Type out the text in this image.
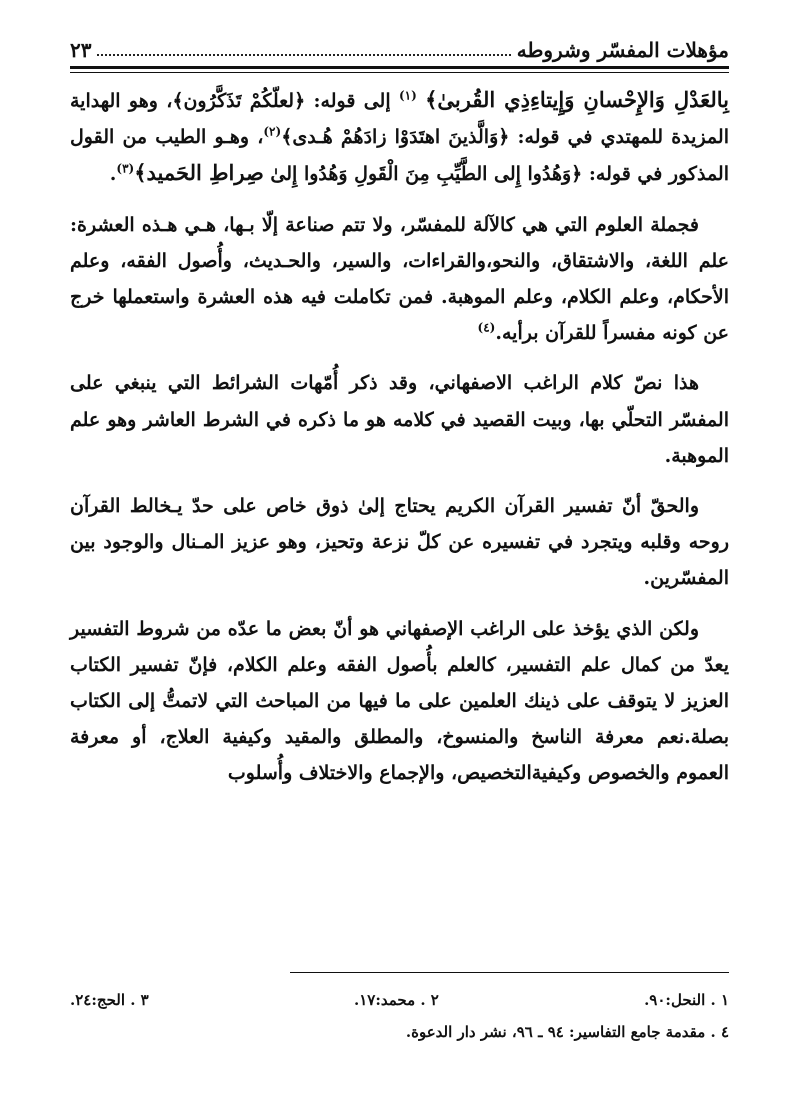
مؤهلات المفسّر وشروطه
٢٣

بِالعَدْلِ وَالإِحْسانِ وَإِيتاءِذِي القُربىٰ﴾ $^{(١)}$ إلى قوله: ﴿لعلّكُمْ تَذَكَّرُون﴾، وهو الهداية المزيدة للمهتدي في قوله: ﴿وَالَّذينَ اهتَدَوْا زادَهُمْ هُـدى﴾$^{(٢)}$، وهـو الطيب من القول المذكور في قوله: ﴿وَهُدُوا إِلى الطَّيِّبِ مِنَ الْقَولِ وَهُدُوا إِلىٰ صِراطِ الحَميد﴾$^{(٣)}$.

فجملة العلوم التي هي كالآلة للمفسّر، ولا تتم صناعة إلّا بـها، هـي هـذه العشرة: علم اللغة، والاشتقاق، والنحو،والقراءات، والسير، والحـديث، وأُصول الفقه، وعلم الأحكام، وعلم الكلام، وعلم الموهبة. فمن تكاملت فيه هذه العشرة واستعملها خرج عن كونه مفسراً للقرآن برأيه.$^{(٤)}$

هذا نصّ كلام الراغب الاصفهاني، وقد ذكر أُمّهات الشرائط التي ينبغي على المفسّر التحلّي بها، وبيت القصيد في كلامه هو ما ذكره في الشرط العاشر وهو علم الموهبة.

والحقّ أنّ تفسير القرآن الكريم يحتاج إلىٰ ذوق خاص على حدّ يـخالط القرآن روحه وقلبه ويتجرد في تفسيره عن كلّ نزعة وتحيز، وهو عزيز المـنال والوجود بين المفسّرين.

ولكن الذي يؤخذ على الراغب الإصفهاني هو أنّ بعض ما عدّه من شروط التفسير يعدّ من كمال علم التفسير، كالعلم بأُصول الفقه وعلم الكلام، فإنّ تفسير الكتاب العزيز لا يتوقف على ذينك العلمين على ما فيها من المباحث التي لاتمتُّ إلى الكتاب بصلة.نعم معرفة الناسخ والمنسوخ، والمطلق والمقيد وكيفية العلاج، أو معرفة العموم والخصوص وكيفيةالتخصيص، والإجماع والاختلاف وأُسلوب

١ . النحل:٩٠.
٢ . محمد:١٧.
٣ . الحج:٢٤.
٤ . مقدمة جامع التفاسير: ٩٤ ـ ٩٦، نشر دار الدعوة.
